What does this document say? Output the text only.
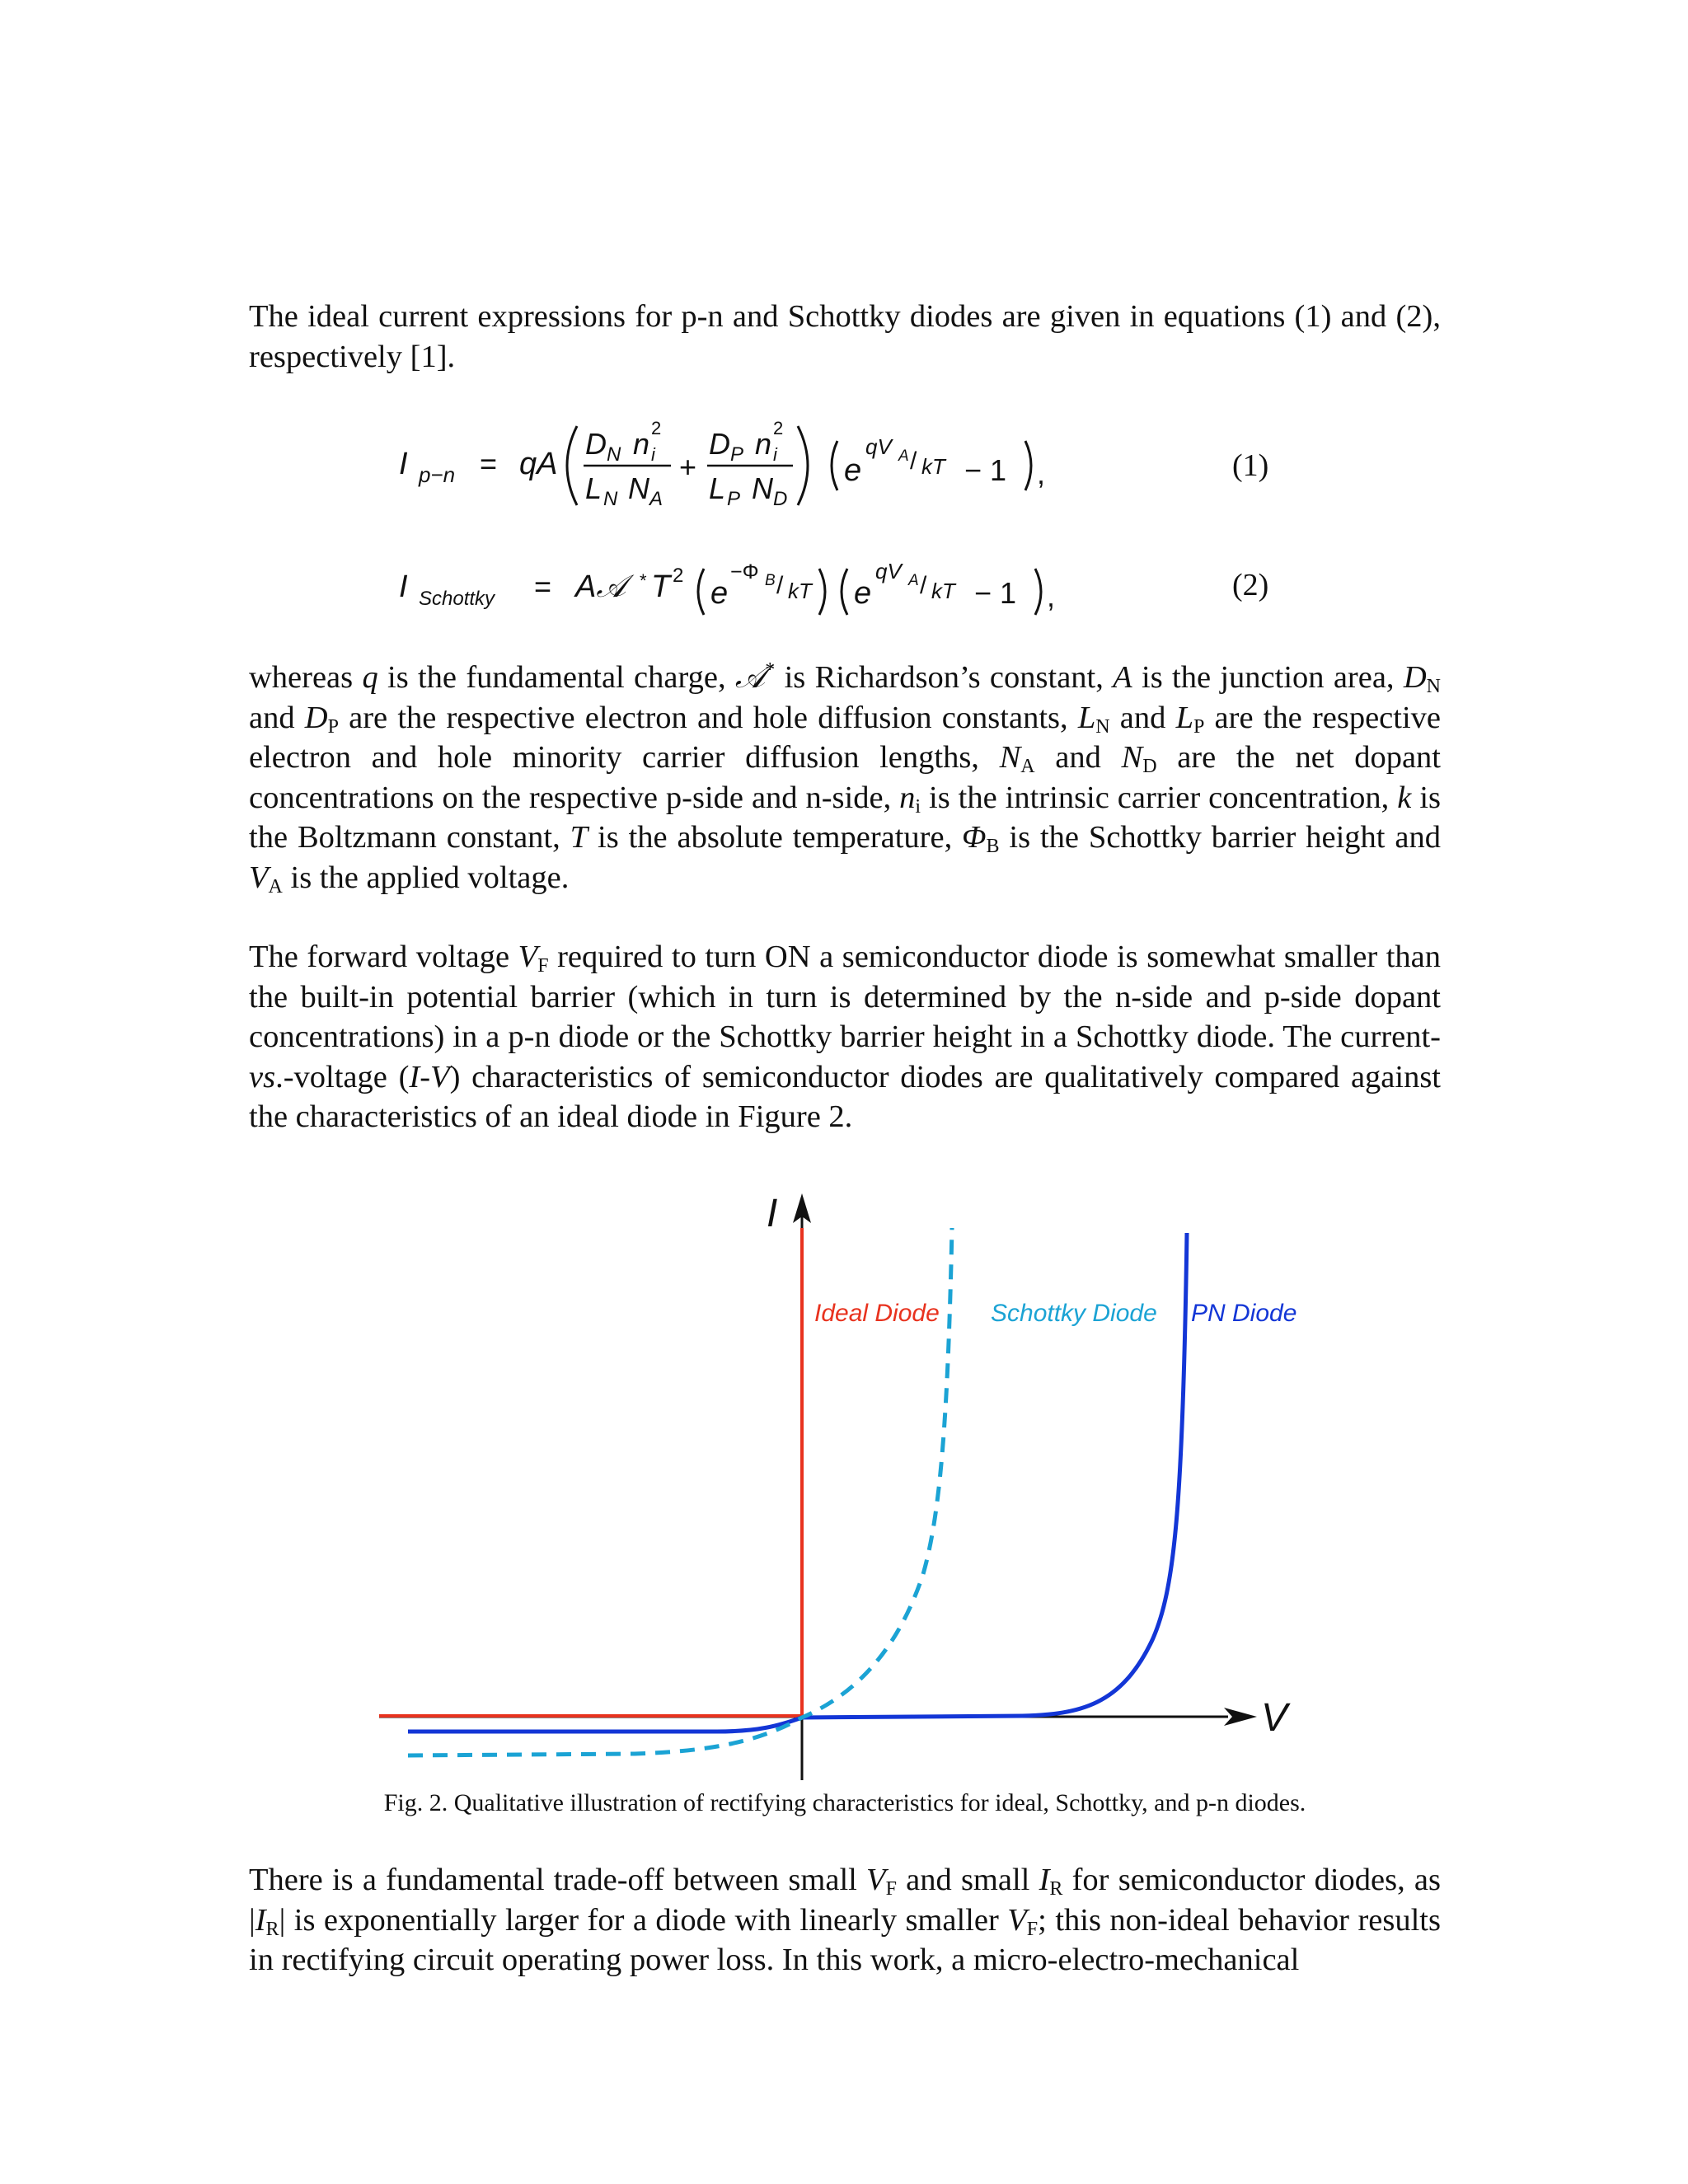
The ideal current expressions for p-n and Schottky diodes are given in equations (1) and (2), respectively [1].
I p−n = qA
D N n 2
i
L N N A
+
D P n 2
i
L P N D
e
qV A / kT − 1 ,	(1)
I Schottky = A𝒜 * T 2
e
−Φ B / kT e
qV A / kT − 1 ,	(2)
whereas q is the fundamental charge, 𝒜* is Richardson’s constant, A is the junction area, $D_N$ and $D_P$ are the respective electron and hole diffusion constants, $L_N$ and $L_P$ are the respective electron and hole minority carrier diffusion lengths, $N_A$ and $N_D$ are the net dopant concentrations on the respective p-side and n-side, $n_i$ is the intrinsic carrier concentration, k is the Boltzmann constant, T is the absolute temperature, $\Phi_B$ is the Schottky barrier height and $V_A$ is the applied voltage.
The forward voltage $V_F$ required to turn ON a semiconductor diode is somewhat smaller than the built-in potential barrier (which in turn is determined by the n-side and p-side dopant concentrations) in a p-n diode or the Schottky barrier height in a Schottky diode. The current-vs.-voltage (I-V) characteristics of semiconductor diodes are qualitatively compared against the characteristics of an ideal diode in Figure 2.
I
V
Ideal Diode Schottky Diode PN Diode
Fig. 2. Qualitative illustration of rectifying characteristics for ideal, Schottky, and p-n diodes.
There is a fundamental trade-off between small $V_F$ and small $I_R$ for semiconductor diodes, as $|I_R|$ is exponentially larger for a diode with linearly smaller $V_F$; this non-ideal behavior results in rectifying circuit operating power loss. In this work, a micro-electro-mechanical
